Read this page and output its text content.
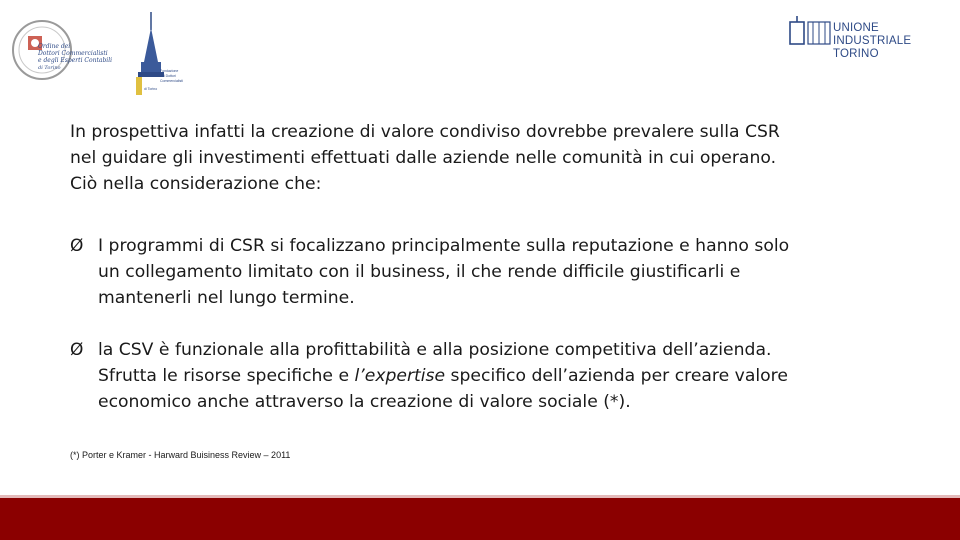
Ordine dei
Dottori Commercialisti
e degli Esperti Contabili
di Torino	Fondazione
dei Dottori
Commercialisti
di Torino
UNIONE INDUSTRIALE
TORINO

In prospettiva infatti la creazione di valore condiviso dovrebbe prevalere sulla CSR

nel guidare gli investimenti effettuati dalle aziende nelle comunità in cui operano.

Ciò nella considerazione che:

Ø I programmi di CSR si focalizzano principalmente sulla reputazione e hanno solo
un collegamento limitato con il business, il che rende difficile giustificarli e
mantenerli nel lungo termine.
Ø la CSV è funzionale alla profittabilità e alla posizione competitiva dell’azienda.
Sfrutta le risorse specifiche e l’expertise specifico dell’azienda per creare valore
economico anche attraverso la creazione di valore sociale (*).
(*) Porter e Kramer - Harward Buisiness Review – 2011
